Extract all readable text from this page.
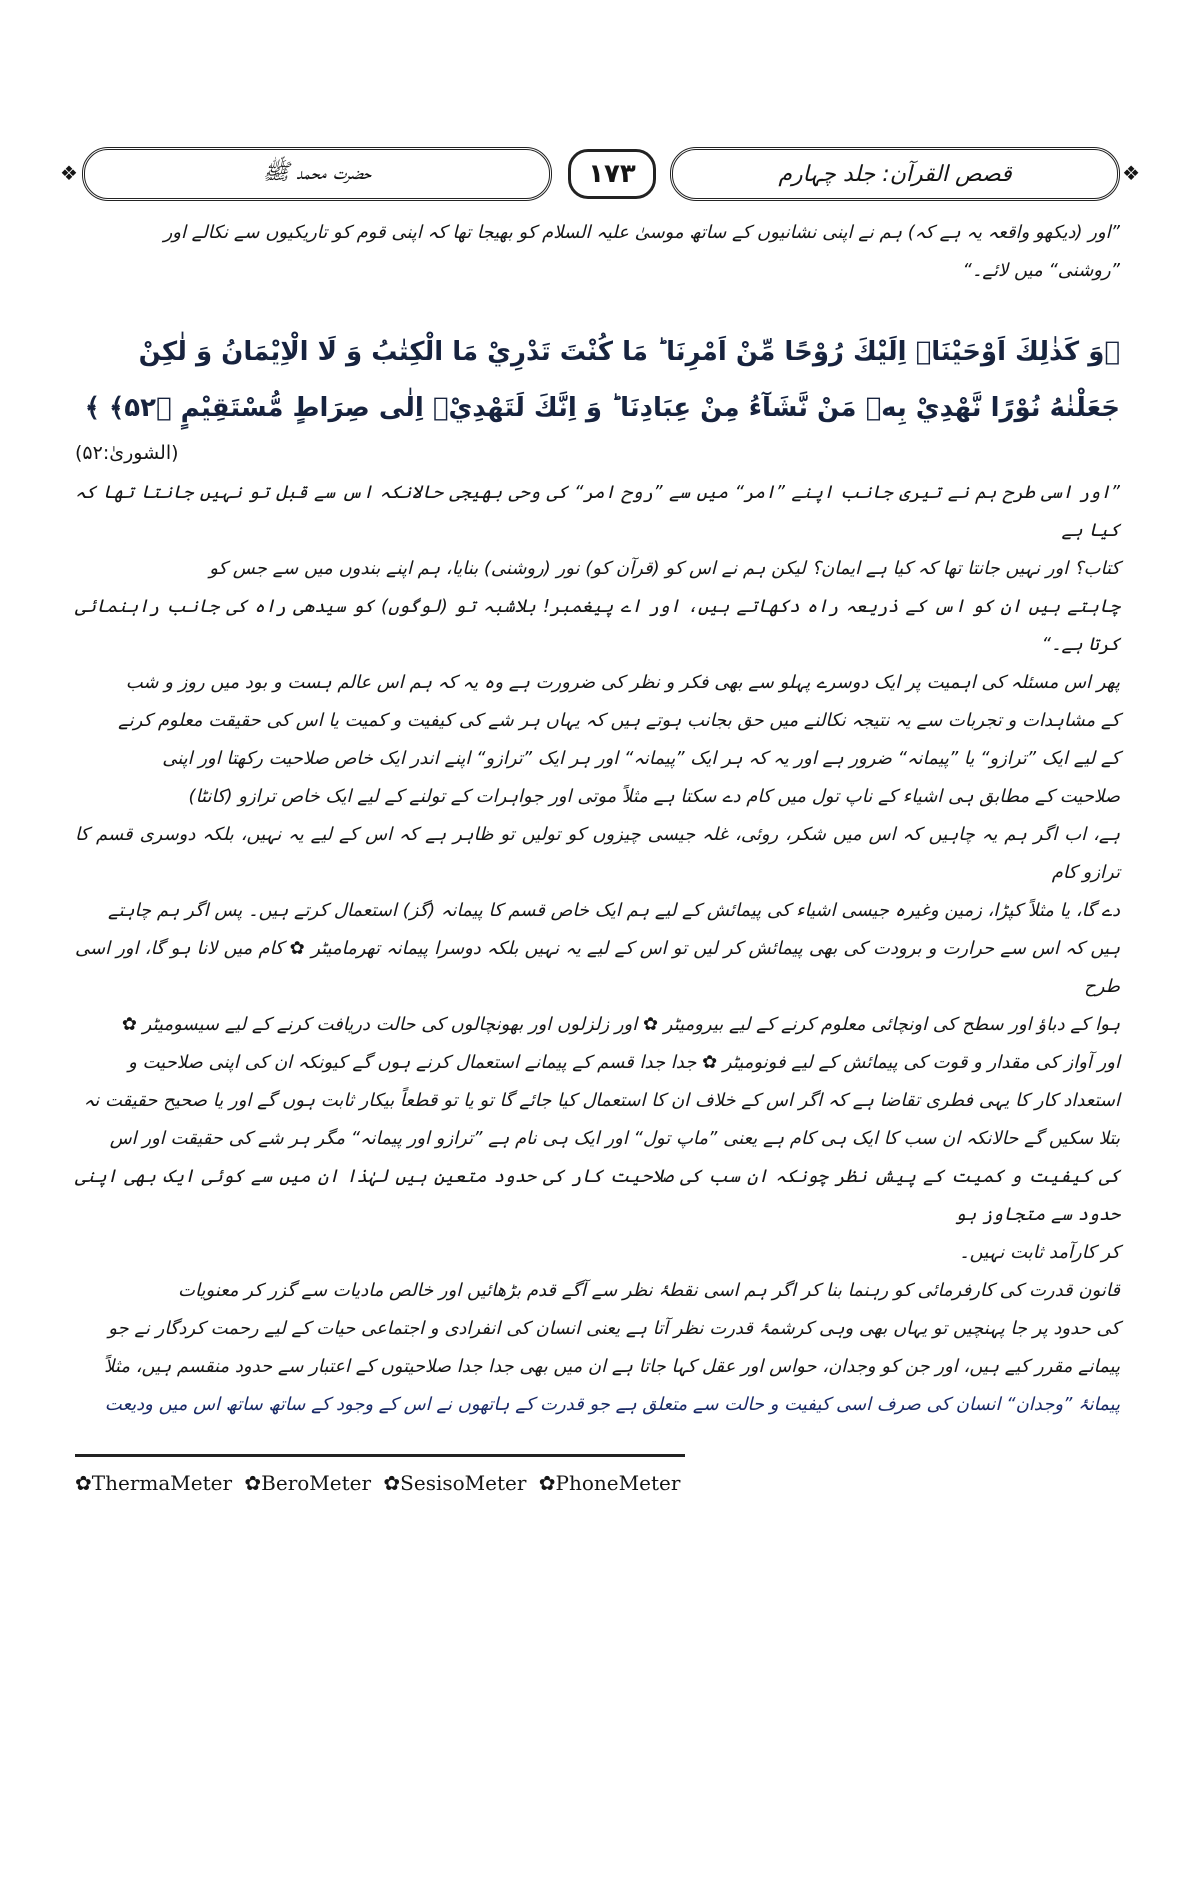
❖	حضرت محمد ﷺ	۱۷۳	قصص القرآن: جلد چہارم	❖
”اور (دیکھو واقعہ یہ ہے کہ) ہم نے اپنی نشانیوں کے ساتھ موسیٰ علیہ السلام کو بھیجا تھا کہ اپنی قوم کو تاریکیوں سے نکالے اور
”روشنی“ میں لائے۔“
﴿وَ كَذٰلِكَ اَوْحَيْنَاۤ اِلَيْكَ رُوْحًا مِّنْ اَمْرِنَا ؕ مَا كُنْتَ تَدْرِيْ مَا الْكِتٰبُ وَ لَا الْاِيْمَانُ وَ لٰكِنْ
جَعَلْنٰهُ نُوْرًا نَّهْدِيْ بِهٖ مَنْ نَّشَآءُ مِنْ عِبَادِنَا ؕ وَ اِنَّكَ لَتَهْدِيْۤ اِلٰى صِرَاطٍ مُّسْتَقِيْمٍ ﴿۵۲﴾ ﴾
(الشوریٰ:۵۲)
”اور اسی طرح ہم نے تیری جانب اپنے ”امر“ میں سے ”روح امر“ کی وحی بھیجی حالانکہ اس سے قبل تو نہیں جانتا تھا کہ کیا ہے
کتاب؟ اور نہیں جانتا تھا کہ کیا ہے ایمان؟ لیکن ہم نے اس کو (قرآن کو) نور (روشنی) بنایا، ہم اپنے بندوں میں سے جس کو
چاہتے ہیں ان کو اس کے ذریعہ راہ دکھاتے ہیں، اور اے پیغمبر! بلاشبہ تو (لوگوں) کو سیدھی راہ کی جانب راہنمائی کرتا ہے۔“
پھر اس مسئلہ کی اہمیت پر ایک دوسرے پہلو سے بھی فکر و نظر کی ضرورت ہے وہ یہ کہ ہم اس عالم ہست و بود میں روز و شب
کے مشاہدات و تجربات سے یہ نتیجہ نکالنے میں حق بجانب ہوتے ہیں کہ یہاں ہر شے کی کیفیت و کمیت یا اس کی حقیقت معلوم کرنے
کے لیے ایک ”ترازو“ یا ”پیمانہ“ ضرور ہے اور یہ کہ ہر ایک ”پیمانہ“ اور ہر ایک ”ترازو“ اپنے اندر ایک خاص صلاحیت رکھتا اور اپنی
صلاحیت کے مطابق ہی اشیاء کے ناپ تول میں کام دے سکتا ہے مثلاً موتی اور جواہرات کے تولنے کے لیے ایک خاص ترازو (کانٹا)
ہے، اب اگر ہم یہ چاہیں کہ اس میں شکر، روئی، غلہ جیسی چیزوں کو تولیں تو ظاہر ہے کہ اس کے لیے یہ نہیں، بلکہ دوسری قسم کا ترازو کام
دے گا، یا مثلاً کپڑا، زمین وغیرہ جیسی اشیاء کی پیمائش کے لیے ہم ایک خاص قسم کا پیمانہ (گز) استعمال کرتے ہیں۔ پس اگر ہم چاہتے
ہیں کہ اس سے حرارت و برودت کی بھی پیمائش کر لیں تو اس کے لیے یہ نہیں بلکہ دوسرا پیمانہ تھرمامیٹر ✿ کام میں لانا ہو گا، اور اسی طرح
ہوا کے دباؤ اور سطح کی اونچائی معلوم کرنے کے لیے بیرومیٹر ✿ اور زلزلوں اور بھونچالوں کی حالت دریافت کرنے کے لیے سیسومیٹر ✿
اور آواز کی مقدار و قوت کی پیمائش کے لیے فونومیٹر ✿ جدا جدا قسم کے پیمانے استعمال کرنے ہوں گے کیونکہ ان کی اپنی صلاحیت و
استعداد کار کا یہی فطری تقاضا ہے کہ اگر اس کے خلاف ان کا استعمال کیا جائے گا تو یا تو قطعاً بیکار ثابت ہوں گے اور یا صحیح حقیقت نہ
بتلا سکیں گے حالانکہ ان سب کا ایک ہی کام ہے یعنی ”ماپ تول“ اور ایک ہی نام ہے ”ترازو اور پیمانہ“ مگر ہر شے کی حقیقت اور اس
کی کیفیت و کمیت کے پیش نظر چونکہ ان سب کی صلاحیت کار کی حدود متعین ہیں لہٰذا ان میں سے کوئی ایک بھی اپنی حدود سے متجاوز ہو
کر کارآمد ثابت نہیں۔
قانون قدرت کی کارفرمائی کو رہنما بنا کر اگر ہم اسی نقطۂ نظر سے آگے قدم بڑھائیں اور خالص مادیات سے گزر کر معنویات
کی حدود پر جا پہنچیں تو یہاں بھی وہی کرشمۂ قدرت نظر آتا ہے یعنی انسان کی انفرادی و اجتماعی حیات کے لیے رحمت کردگار نے جو
پیمانے مقرر کیے ہیں، اور جن کو وجدان، حواس اور عقل کہا جاتا ہے ان میں بھی جدا جدا صلاحیتوں کے اعتبار سے حدود منقسم ہیں، مثلاً
پیمانۂ ”وجدان“ انسان کی صرف اسی کیفیت و حالت سے متعلق ہے جو قدرت کے ہاتھوں نے اس کے وجود کے ساتھ ساتھ اس میں ودیعت
✿ThermaMeter ✿BeroMeter ✿SesisoMeter ✿PhoneMeter
